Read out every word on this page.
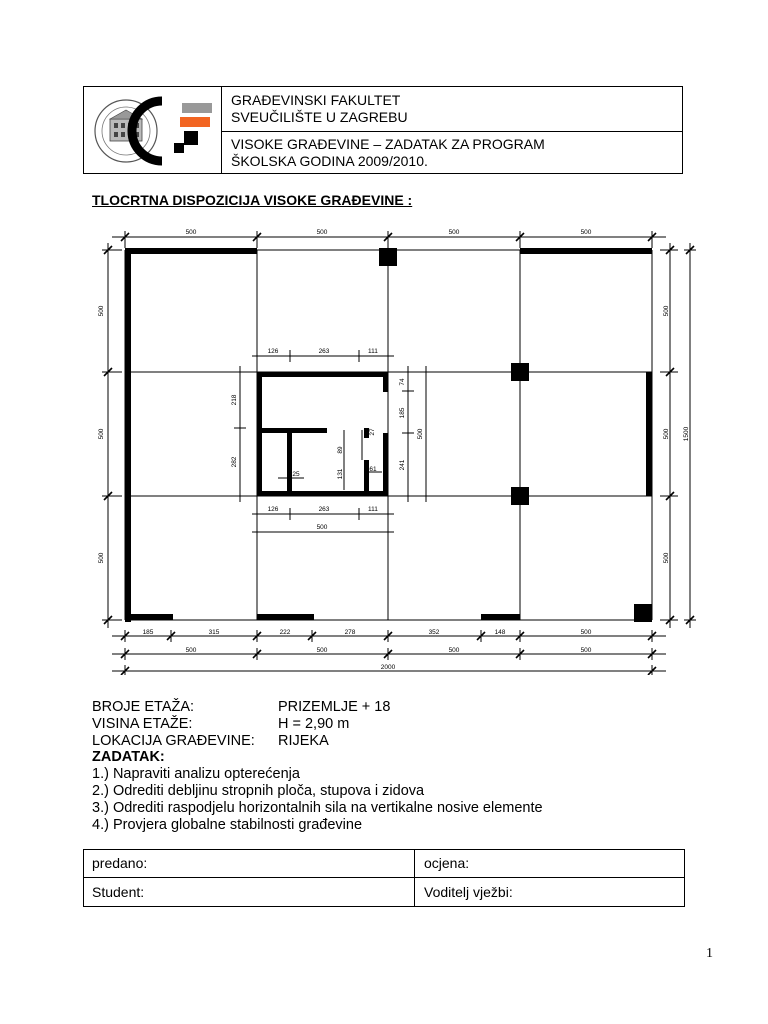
GRAĐEVINSKI FAKULTET
SVEUČILIŠTE U ZAGREBU
VISOKE GRAĐEVINE – ZADATAK ZA PROGRAM
ŠKOLSKA GODINA 2009/2010.
TLOCRTNA DISPOZICIJA VISOKE GRAĐEVINE :
500	500	500	500
500
500
500
500
500
500
1500
126	263	111
126	263	111
500
218
282
74
185
241
500
25
89
131	61
27
185	315	222	278	352	148	500
500	500	500	500
2000
BROJE ETAŽA:	PRIZEMLJE + 18
VISINA ETAŽE:	H = 2,90 m
LOKACIJA GRAĐEVINE: RIJEKA
ZADATAK:
1.) Napraviti analizu opterećenja
2.) Odrediti debljinu stropnih ploča, stupova i zidova
3.) Odrediti raspodjelu horizontalnih sila na vertikalne nosive elemente
4.) Provjera globalne stabilnosti građevine
predano:	ocjena:
Student:	Voditelj vježbi:
1
